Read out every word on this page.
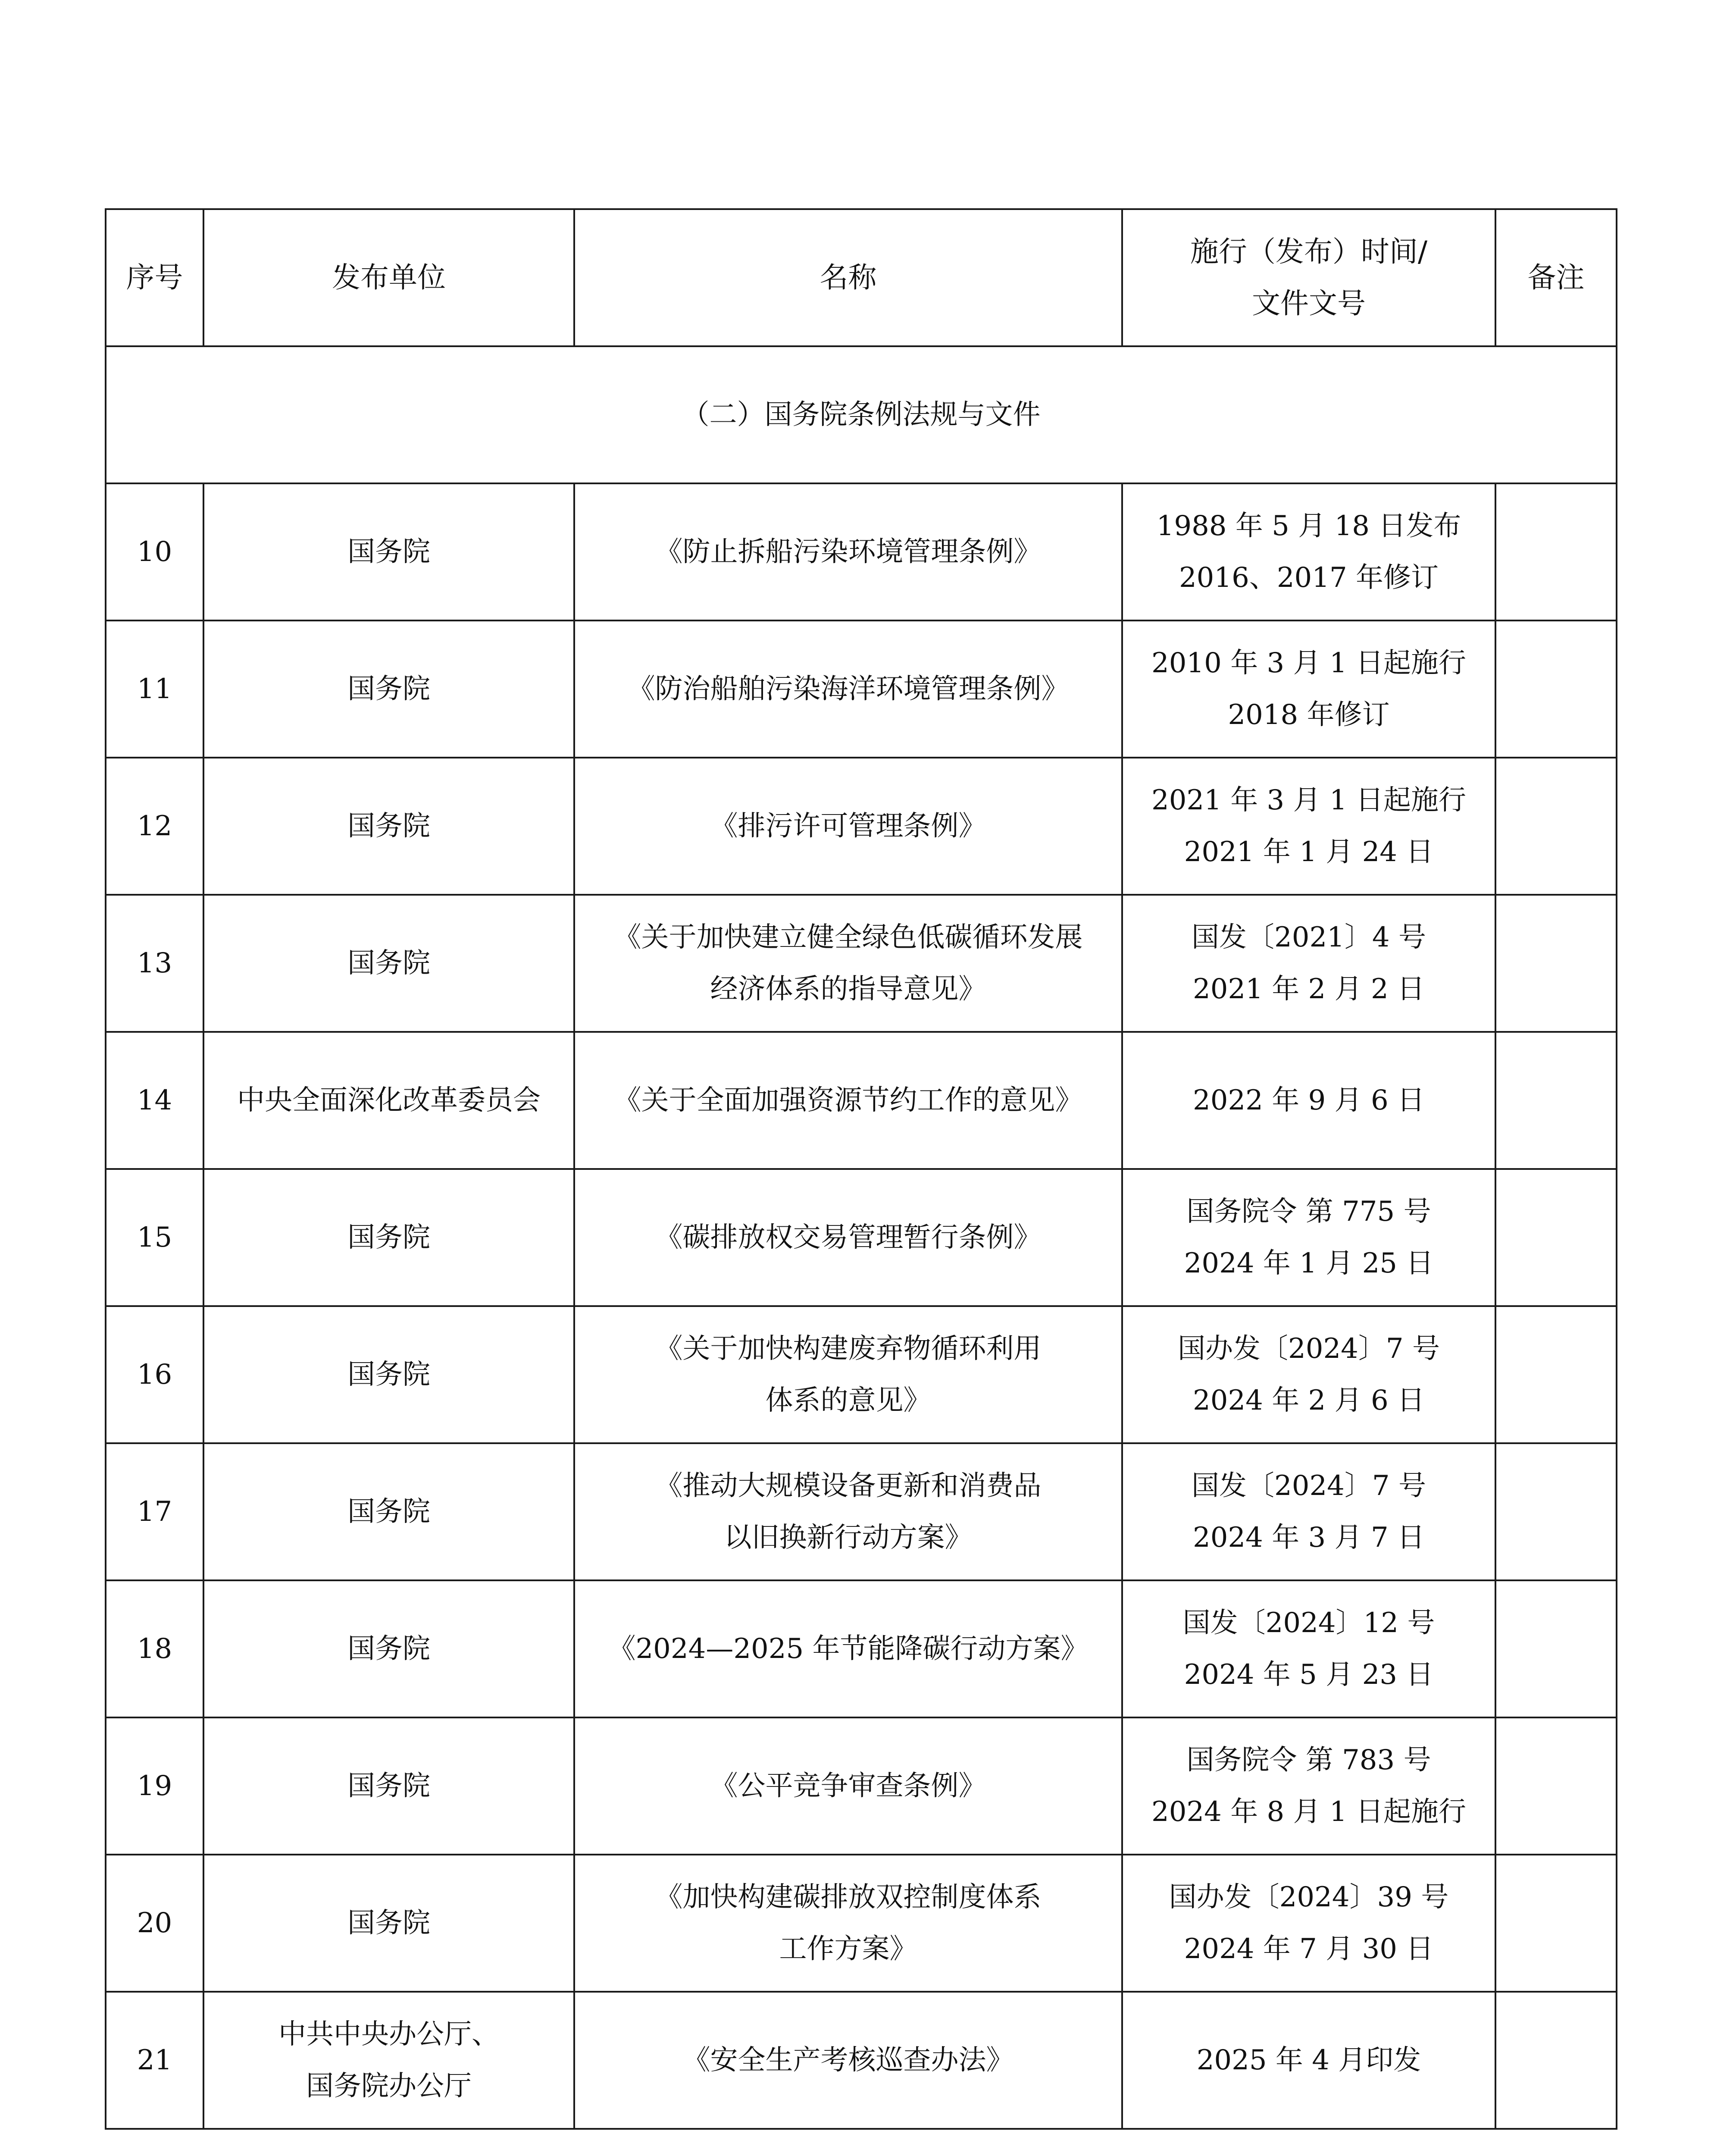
序号	发布单位	名称	施行（发布）时间/
文件文号	备注
（二）国务院条例法规与文件				
10	国务院	《防止拆船污染环境管理条例》	1988 年 5 月 18 日发布
2016、2017 年修订	

11	国务院	《防治船舶污染海洋环境管理条例》	2010 年 3 月 1 日起施行
2018 年修订	

12	国务院	《排污许可管理条例》	2021 年 3 月 1 日起施行
2021 年 1 月 24 日	

13	国务院	《关于加快建立健全绿色低碳循环发展
经济体系的指导意见》	国发〔2021〕4 号
2021 年 2 月 2 日	

14	中央全面深化改革委员会	《关于全面加强资源节约工作的意见》	2022 年 9 月 6 日	

15	国务院	《碳排放权交易管理暂行条例》	国务院令 第 775 号
2024 年 1 月 25 日	

16	国务院	《关于加快构建废弃物循环利用
体系的意见》	国办发〔2024〕7 号
2024 年 2 月 6 日	

17	国务院	《推动大规模设备更新和消费品
以旧换新行动方案》	国发〔2024〕7 号
2024 年 3 月 7 日	

18	国务院	《2024—2025 年节能降碳行动方案》	国发〔2024〕12 号
2024 年 5 月 23 日	

19	国务院	《公平竞争审查条例》	国务院令 第 783 号
2024 年 8 月 1 日起施行	

20	国务院	《加快构建碳排放双控制度体系
工作方案》	国办发〔2024〕39 号
2024 年 7 月 30 日	

21	中共中央办公厅、
国务院办公厅	《安全生产考核巡查办法》	2025 年 4 月印发	
